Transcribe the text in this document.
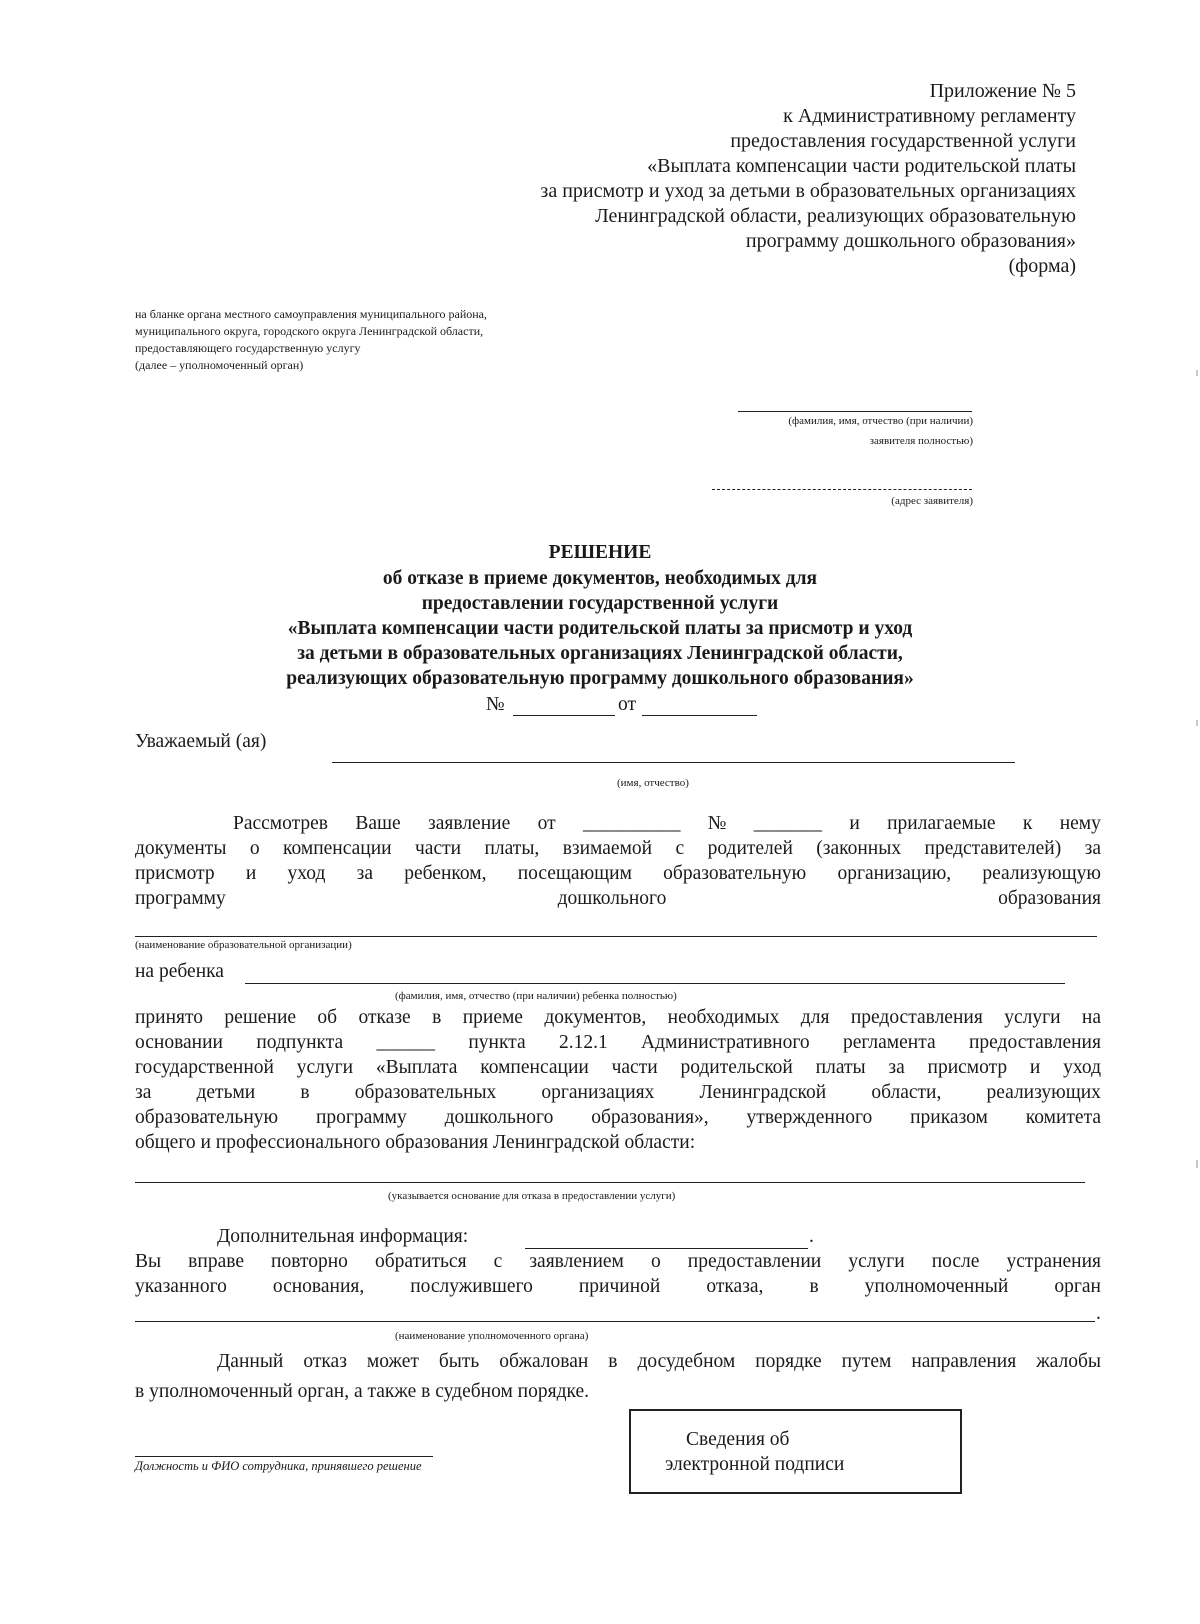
Приложение № 5
к Административному регламенту
предоставления государственной услуги
«Выплата компенсации части родительской платы
за присмотр и уход за детьми в образовательных организациях
Ленинградской области, реализующих образовательную
программу дошкольного образования»
(форма)
на бланке органа местного самоуправления муниципального района,
муниципального округа, городского округа Ленинградской области,
предоставляющего государственную услугу
(далее – уполномоченный орган)
(фамилия, имя, отчество (при наличии)
заявителя полностью)
(адрес заявителя)
РЕШЕНИЕ
об отказе в приеме документов, необходимых для
предоставлении государственной услуги
«Выплата компенсации части родительской платы за присмотр и уход
за детьми в образовательных организациях Ленинградской области,
реализующих образовательную программу дошкольного образования»
№	от
Уважаемый (ая)
(имя, отчество)
Рассмотрев Ваше заявление от __________ № _______ и прилагаемые к нему
документы о компенсации части платы, взимаемой с родителей (законных представителей) за
присмотр и уход за ребенком, посещающим образовательную организацию, реализующую
программу	дошкольного	образования
(наименование образовательной организации)
на ребенка
(фамилия, имя, отчество (при наличии) ребенка полностью)
принято решение об отказе в приеме документов, необходимых для предоставления услуги на
основании подпункта ______ пункта 2.12.1 Административного регламента предоставления
государственной услуги «Выплата компенсации части родительской платы за присмотр и уход
за детьми в образовательных организациях Ленинградской области, реализующих
образовательную программу дошкольного образования», утвержденного приказом комитета
общего и профессионального образования Ленинградской области:
(указывается основание для отказа в предоставлении услуги)
Дополнительная информация:	.
Вы вправе повторно обратиться с заявлением о предоставлении услуги после устранения
указанного основания, послужившего причиной отказа, в уполномоченный орган
.
(наименование уполномоченного органа)
Данный отказ может быть обжалован в досудебном порядке путем направления жалобы
в уполномоченный орган, а также в судебном порядке.
Должность и ФИО сотрудника, принявшего решение
Сведения об
электронной подписи
